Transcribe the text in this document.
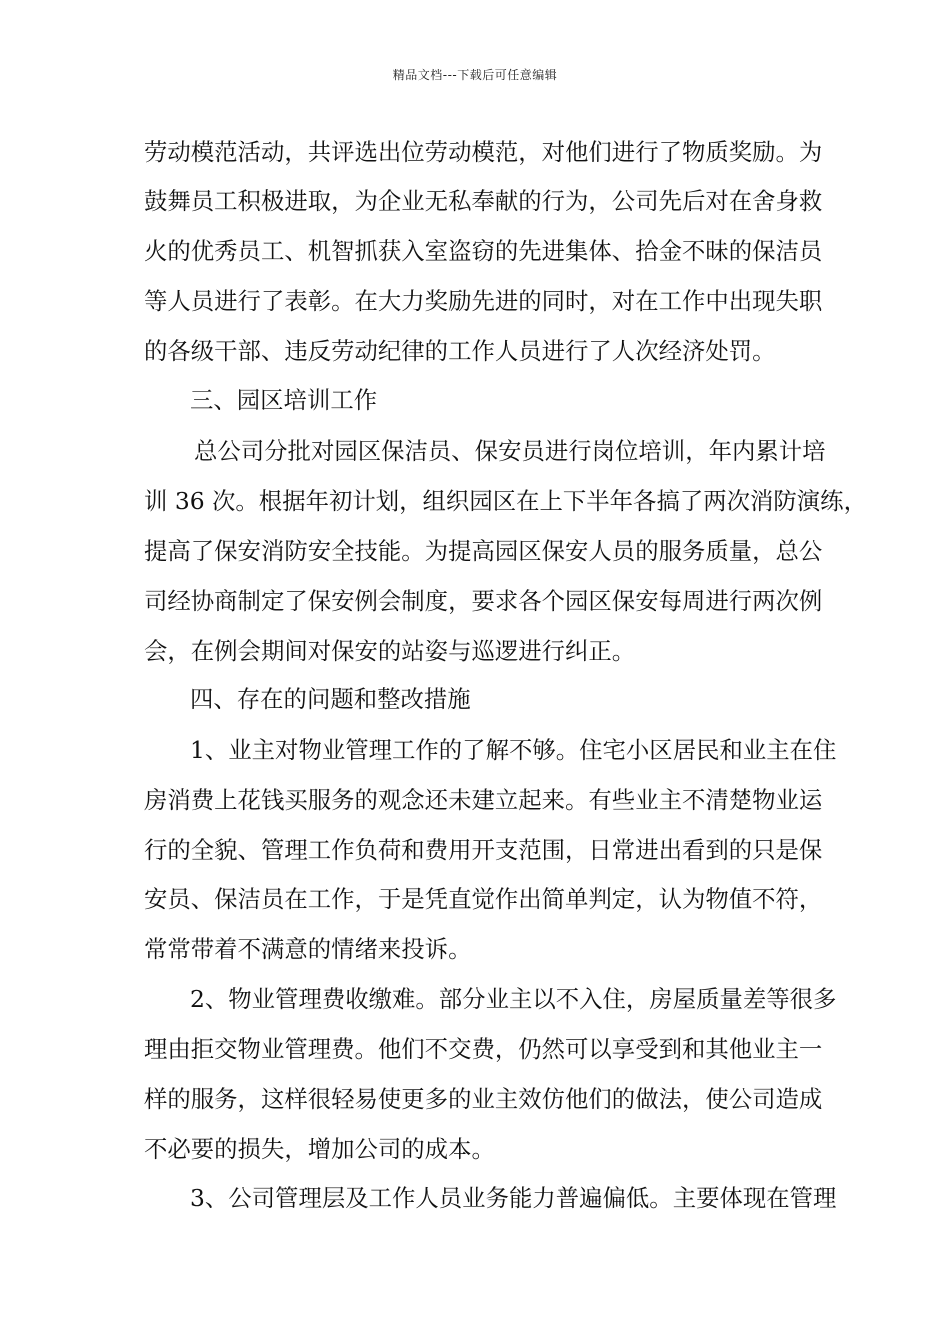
精品文档---下载后可任意编辑
劳动模范活动，共评选出位劳动模范，对他们进行了物质奖励。为
鼓舞员工积极进取，为企业无私奉献的行为，公司先后对在舍身救
火的优秀员工、机智抓获入室盗窃的先进集体、拾金不昧的保洁员
等人员进行了表彰。在大力奖励先进的同时，对在工作中出现失职
的各级干部、违反劳动纪律的工作人员进行了人次经济处罚。
三、园区培训工作
总公司分批对园区保洁员、保安员进行岗位培训，年内累计培
训 36 次。根据年初计划，组织园区在上下半年各搞了两次消防演练，
提高了保安消防安全技能。为提高园区保安人员的服务质量，总公
司经协商制定了保安例会制度，要求各个园区保安每周进行两次例
会，在例会期间对保安的站姿与巡逻进行纠正。
四、存在的问题和整改措施
1、业主对物业管理工作的了解不够。住宅小区居民和业主在住
房消费上花钱买服务的观念还未建立起来。有些业主不清楚物业运
行的全貌、管理工作负荷和费用开支范围，日常进出看到的只是保
安员、保洁员在工作，于是凭直觉作出简单判定，认为物值不符，
常常带着不满意的情绪来投诉。
2、物业管理费收缴难。部分业主以不入住，房屋质量差等很多
理由拒交物业管理费。他们不交费，仍然可以享受到和其他业主一
样的服务，这样很轻易使更多的业主效仿他们的做法，使公司造成
不必要的损失，增加公司的成本。
3、公司管理层及工作人员业务能力普遍偏低。主要体现在管理
